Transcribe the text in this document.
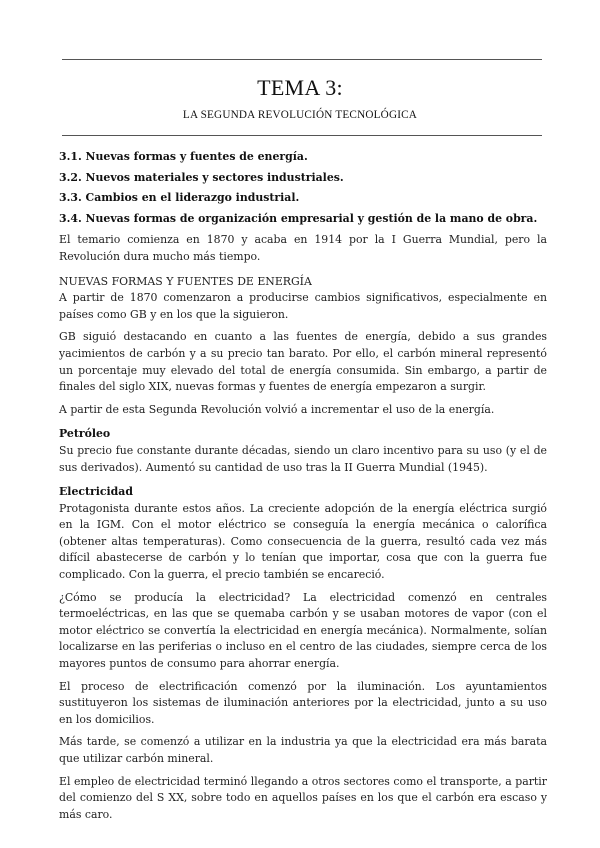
TEMA 3:
LA SEGUNDA REVOLUCIÓN TECNOLÓGICA

3.1. Nuevas formas y fuentes de energía.

3.2. Nuevos materiales y sectores industriales.

3.3. Cambios en el liderazgo industrial.

3.4. Nuevas formas de organización empresarial y gestión de la mano de obra.

El temario comienza en 1870 y acaba en 1914 por la I Guerra Mundial, pero la Revolución dura mucho más tiempo.

NUEVAS FORMAS Y FUENTES DE ENERGÍA

A partir de 1870 comenzaron a producirse cambios significativos, especialmente en países como GB y en los que la siguieron.

GB siguió destacando en cuanto a las fuentes de energía, debido a sus grandes yacimientos de carbón y a su precio tan barato. Por ello, el carbón mineral representó un porcentaje muy elevado del total de energía consumida. Sin embargo, a partir de finales del siglo XIX, nuevas formas y fuentes de energía empezaron a surgir.

A partir de esta Segunda Revolución volvió a incrementar el uso de la energía.

Petróleo

Su precio fue constante durante décadas, siendo un claro incentivo para su uso (y el de sus derivados). Aumentó su cantidad de uso tras la II Guerra Mundial (1945).

Electricidad

Protagonista durante estos años. La creciente adopción de la energía eléctrica surgió en la IGM. Con el motor eléctrico se conseguía la energía mecánica o calorífica (obtener altas temperaturas). Como consecuencia de la guerra, resultó cada vez más difícil abastecerse de carbón y lo tenían que importar, cosa que con la guerra fue complicado. Con la guerra, el precio también se encareció.

¿Cómo se producía la electricidad? La electricidad comenzó en centrales termoeléctricas, en las que se quemaba carbón y se usaban motores de vapor (con el motor eléctrico se convertía la electricidad en energía mecánica). Normalmente, solían localizarse en las periferias o incluso en el centro de las ciudades, siempre cerca de los mayores puntos de consumo para ahorrar energía.

El proceso de electrificación comenzó por la iluminación. Los ayuntamientos sustituyeron los sistemas de iluminación anteriores por la electricidad, junto a su uso en los domicilios.

Más tarde, se comenzó a utilizar en la industria ya que la electricidad era más barata que utilizar carbón mineral.

El empleo de electricidad terminó llegando a otros sectores como el transporte, a partir del comienzo del S XX, sobre todo en aquellos países en los que el carbón era escaso y más caro.
